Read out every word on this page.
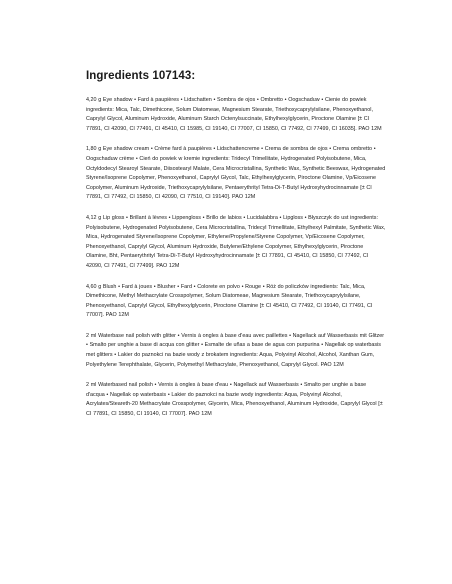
Ingredients 107143:

4,20 g Eye shadow • Fard à paupières • Lidschatten • Sombra de ojos • Ombretto • Oogschaduw • Cienie do powiek ingredients: Mica, Talc, Dimethicone, Solum Diatomeae, Magnesium Stearate, Triethoxycaprylylsilane, Phenoxyethanol, Caprylyl Glycol, Aluminum Hydroxide, Aluminum Starch Octenylsuccinate, Ethylhexylglycerin, Piroctone Olamine [± CI 77891, CI 42090, CI 77491, CI 45410, CI 15985, CI 19140, CI 77007, CI 15850, CI 77492, CI 77499, CI 16035]. PAO 12M

1,80 g Eye shadow cream • Crème fard à paupières • Lidschattencreme • Crema de sombra de ojos • Crema ombretto • Oogschaduw crème • Cień do powiek w kremie ingredients: Tridecyl Trimellitate, Hydrogenated Polyisobutene, Mica, Octyldodecyl Stearoyl Stearate, Diisostearyl Malate, Cera Microcristallina, Synthetic Wax, Synthetic Beeswax, Hydrogenated Styrene/Isoprene Copolymer, Phenoxyethanol, Caprylyl Glycol, Talc, Ethylhexylglycerin, Piroctone Olamine, Vp/Eicosene Copolymer, Aluminum Hydroxide, Triethoxycaprylylsilane, Pentaerythrityl Tetra-Di-T-Butyl Hydroxyhydrocinnamate [± CI 77891, CI 77492, CI 15850, CI 42090, CI 77510, CI 19140]. PAO 12M

4,12 g Lip gloss • Brillant à lèvres • Lippengloss • Brillo de labios • Lucidalabbra • Lipgloss • Błyszczyk do ust ingredients: Polyisobutene, Hydrogenated Polyisobutene, Cera Microcristallina, Tridecyl Trimellitate, Ethylhexyl Palmitate, Synthetic Wax, Mica, Hydrogenated Styrene/Isoprene Copolymer, Ethylene/Propylene/Styrene Copolymer, Vp/Eicosene Copolymer, Phenoxyethanol, Caprylyl Glycol, Aluminum Hydroxide, Butylene/Ethylene Copolymer, Ethylhexylglycerin, Piroctone Olamine, Bht, Pentaerythrityl Tetra-Di-T-Butyl Hydroxyhydrocinnamate [± CI 77891, CI 45410, CI 15850, CI 77492, CI 42090, CI 77491, CI 77499]. PAO 12M

4,60 g Blush • Fard à joues • Blusher • Fard • Colorete en polvo • Rouge • Róż do policzków ingredients: Talc, Mica, Dimethicone, Methyl Methacrylate Crosspolymer, Solum Diatomeae, Magnesium Stearate, Triethoxycaprylylsilane, Phenoxyethanol, Caprylyl Glycol, Ethylhexylglycerin, Piroctone Olamine [± CI 45410, CI 77492, CI 19140, CI 77491, CI 77007]. PAO 12M

2 ml Waterbase nail polish with glitter • Vernis à ongles à base d'eau avec paillettes • Nagellack auf Wasserbasis mit Glitzer • Smalto per unghie a base di acqua con glitter • Esmalte de uñas a base de agua con purpurina • Nagellak op waterbasis met glitters • Lakier do paznokci na bazie wody z brokatem ingredients: Aqua, Polyvinyl Alcohol, Alcohol, Xanthan Gum, Polyethylene Terephthalate, Glycerin, Polymethyl Methacrylate, Phenoxyethanol, Caprylyl Glycol. PAO 12M

2 ml Waterbased nail polish • Vernis à ongles à base d'eau • Nagellack auf Wasserbasis • Smalto per unghie a base d'acqua • Nagellak op waterbasis • Lakier do paznokci na bazie wody ingredients: Aqua, Polyvinyl Alcohol, Acrylates/Steareth-20 Methacrylate Crosspolymer, Glycerin, Mica, Phenoxyethanol, Aluminum Hydroxide, Caprylyl Glycol [± CI 77891, CI 15850, CI 19140, CI 77007]. PAO 12M
